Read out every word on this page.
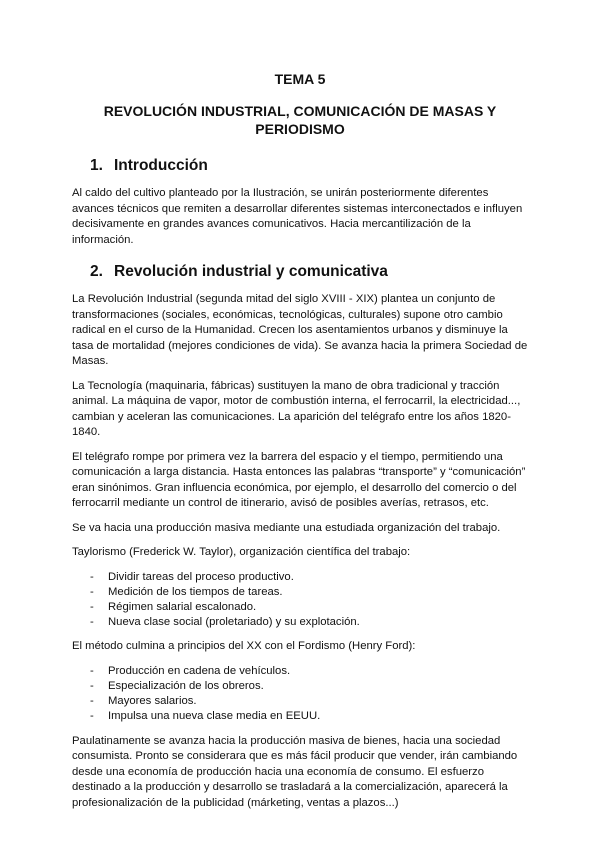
TEMA 5

REVOLUCIÓN INDUSTRIAL, COMUNICACIÓN DE MASAS Y
PERIODISMO

1. Introducción

Al caldo del cultivo planteado por la Ilustración, se unirán posteriormente diferentes avances técnicos que remiten a desarrollar diferentes sistemas interconectados e influyen decisivamente en grandes avances comunicativos. Hacia mercantilización de la información.

2. Revolución industrial y comunicativa

La Revolución Industrial (segunda mitad del siglo XVIII - XIX) plantea un conjunto de transformaciones (sociales, económicas, tecnológicas, culturales) supone otro cambio radical en el curso de la Humanidad. Crecen los asentamientos urbanos y disminuye la tasa de mortalidad (mejores condiciones de vida). Se avanza hacia la primera Sociedad de Masas.

La Tecnología (maquinaria, fábricas) sustituyen la mano de obra tradicional y tracción animal. La máquina de vapor, motor de combustión interna, el ferrocarril, la electricidad..., cambian y aceleran las comunicaciones. La aparición del telégrafo entre los años 1820-1840.

El telégrafo rompe por primera vez la barrera del espacio y el tiempo, permitiendo una comunicación a larga distancia. Hasta entonces las palabras “transporte” y “comunicación” eran sinónimos. Gran influencia económica, por ejemplo, el desarrollo del comercio o del ferrocarril mediante un control de itinerario, avisó de posibles averías, retrasos, etc.

Se va hacia una producción masiva mediante una estudiada organización del trabajo.

Taylorismo (Frederick W. Taylor), organización científica del trabajo:

-	Dividir tareas del proceso productivo.
-	Medición de los tiempos de tareas.
-	Régimen salarial escalonado.
-	Nueva clase social (proletariado) y su explotación.

El método culmina a principios del XX con el Fordismo (Henry Ford):

-	Producción en cadena de vehículos.
-	Especialización de los obreros.
-	Mayores salarios.
-	Impulsa una nueva clase media en EEUU.

Paulatinamente se avanza hacia la producción masiva de bienes, hacia una sociedad consumista. Pronto se considerara que es más fácil producir que vender, irán cambiando desde una economía de producción hacia una economía de consumo. El esfuerzo destinado a la producción y desarrollo se trasladará a la comercialización, aparecerá la profesionalización de la publicidad (márketing, ventas a plazos...)
